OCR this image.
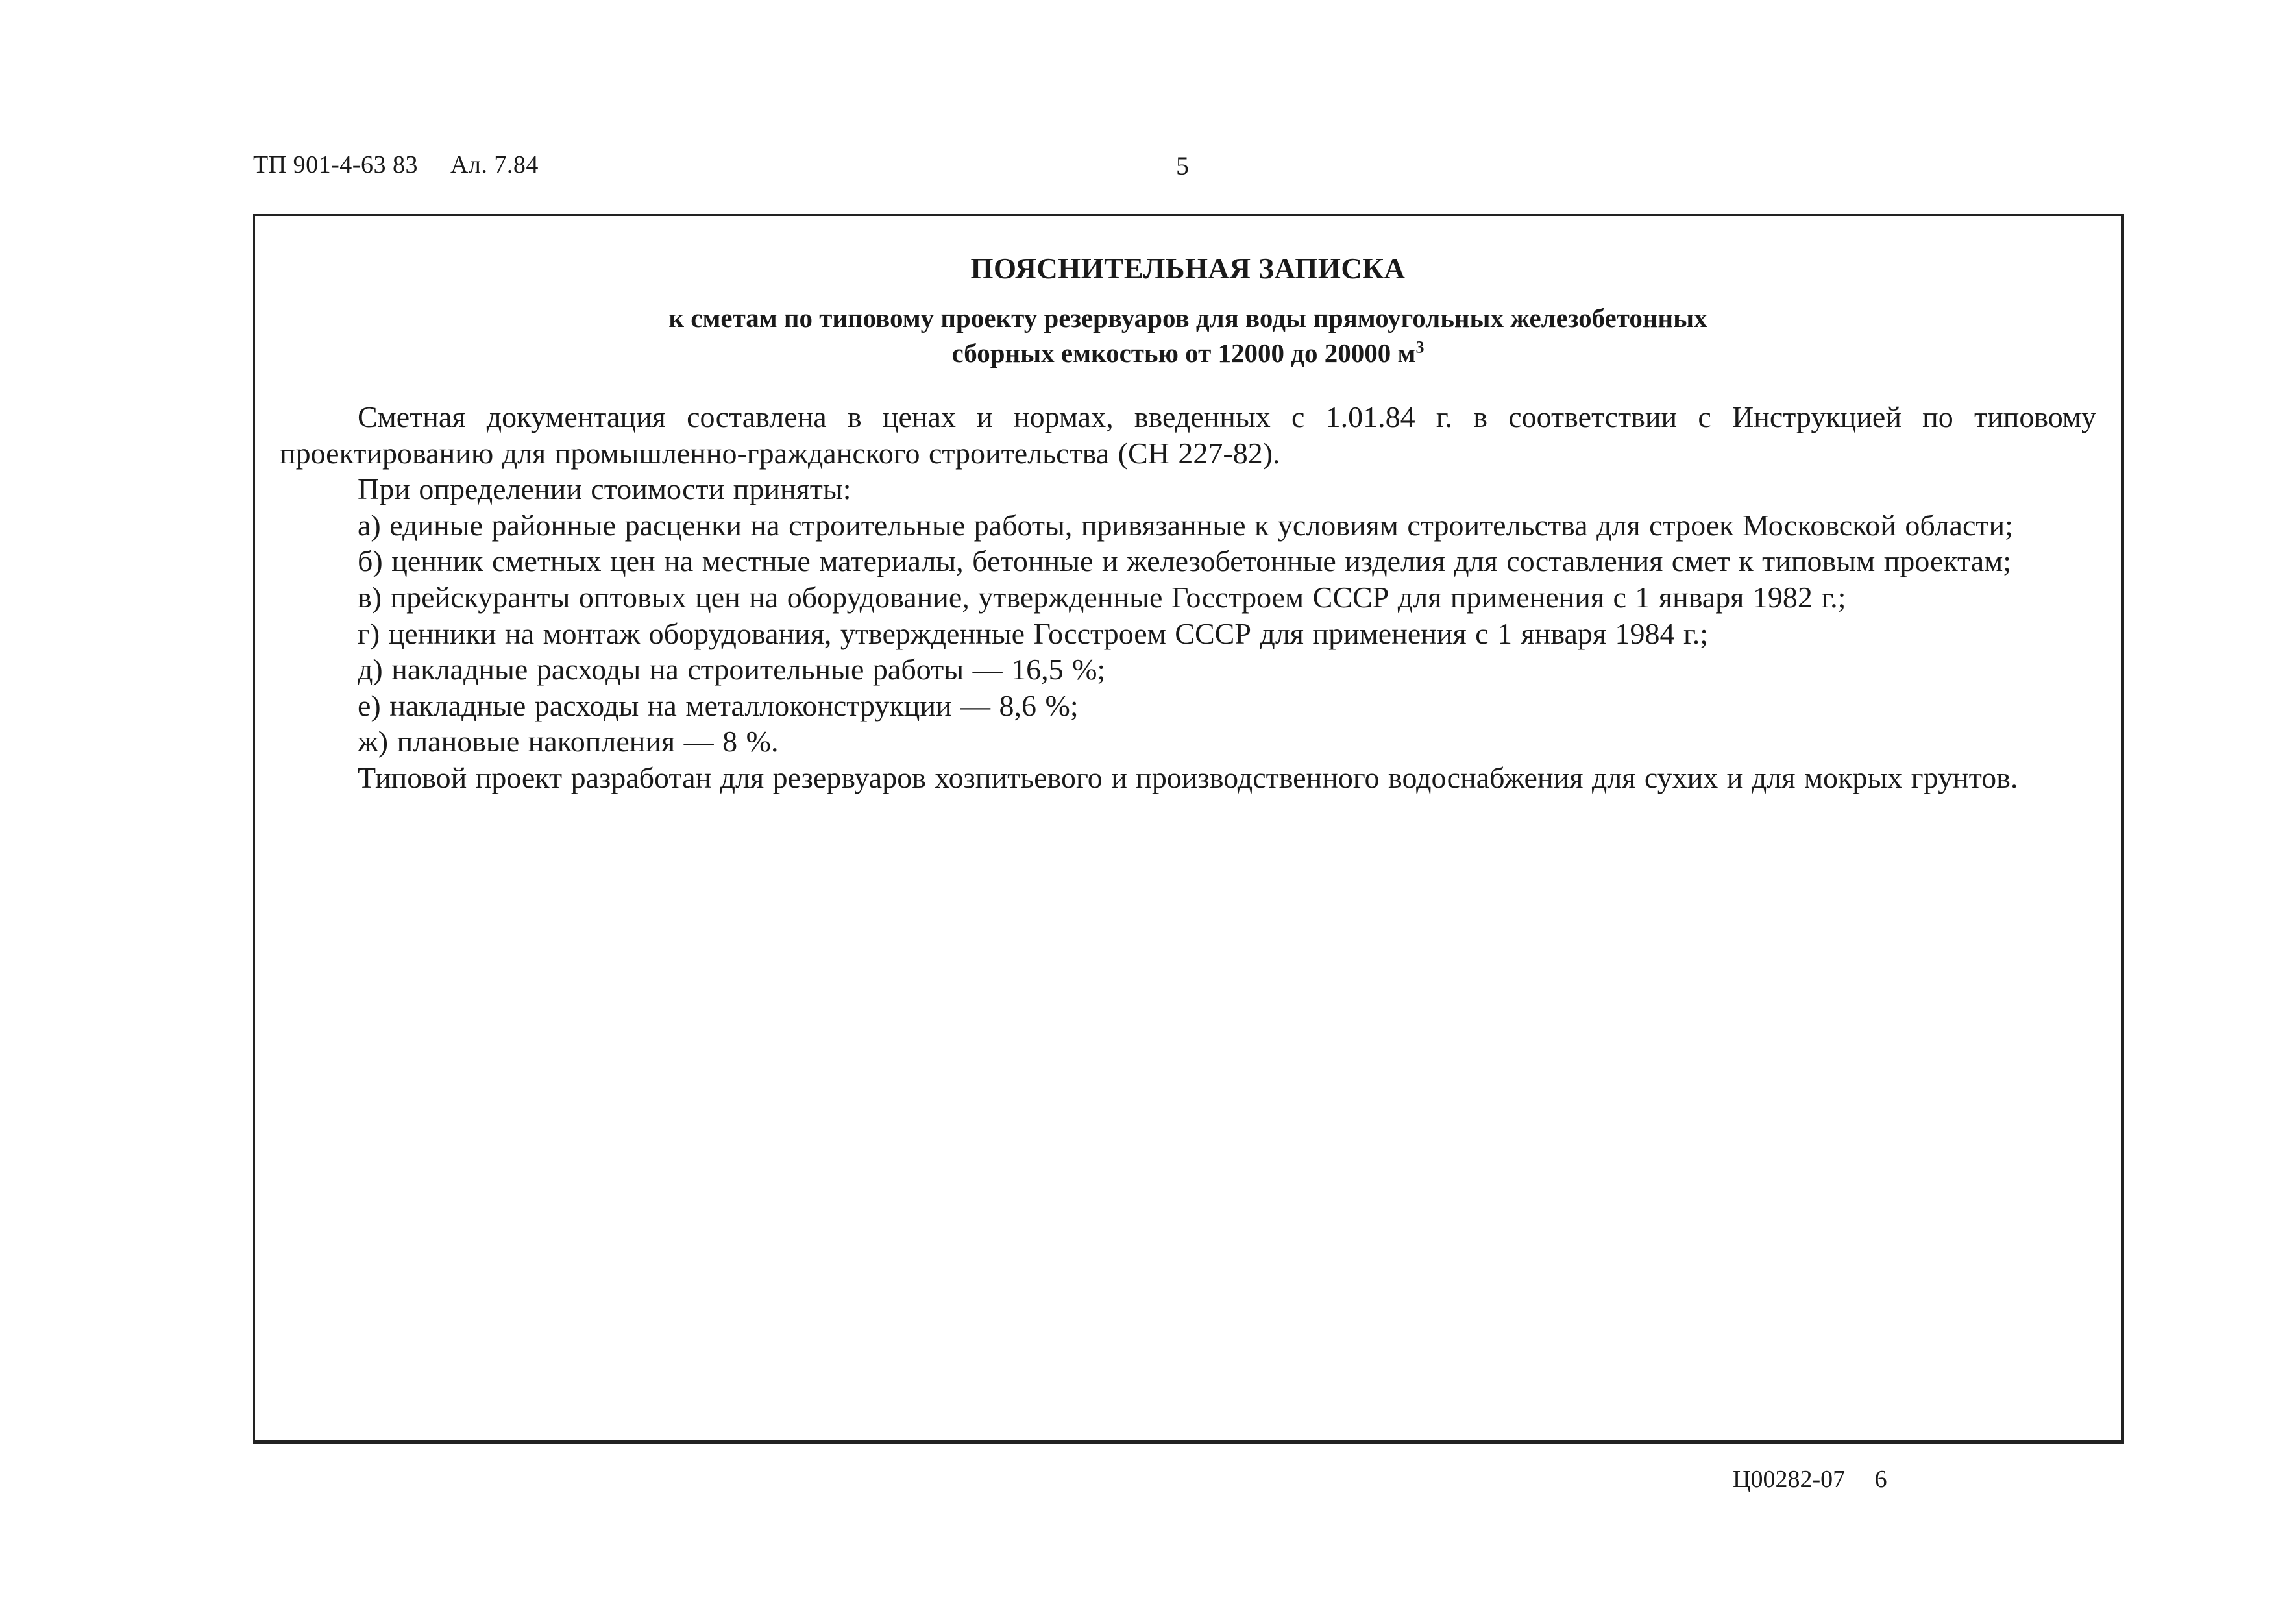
ТП 901-4-63 83 Ал. 7.84	5
ПОЯСНИТЕЛЬНАЯ ЗАПИСКА
к сметам по типовому проекту резервуаров для воды прямоугольных железобетонных
сборных емкостью от 12000 до 20000 $м^3$

Сметная документация составлена в ценах и нормах, введенных с 1.01.84 г. в соответствии с Инструкцией по типовому проектированию для промышленно-гражданского строительства (СН 227-82).

При определении стоимости приняты:

а) единые районные расценки на строительные работы, привязанные к условиям строительства для строек Московской области;

б) ценник сметных цен на местные материалы, бетонные и железобетонные изделия для составления смет к типовым проектам;

в) прейскуранты оптовых цен на оборудование, утвержденные Госстроем СССР для применения с 1 января 1982 г.;

г) ценники на монтаж оборудования, утвержденные Госстроем СССР для применения с 1 января 1984 г.;

д) накладные расходы на строительные работы — 16,5 %;

е) накладные расходы на металлоконструкции — 8,6 %;

ж) плановые накопления — 8 %.

Типовой проект разработан для резервуаров хозпитьевого и производственного водоснабжения для сухих и для мокрых грунтов.

Ц00282-07 6
